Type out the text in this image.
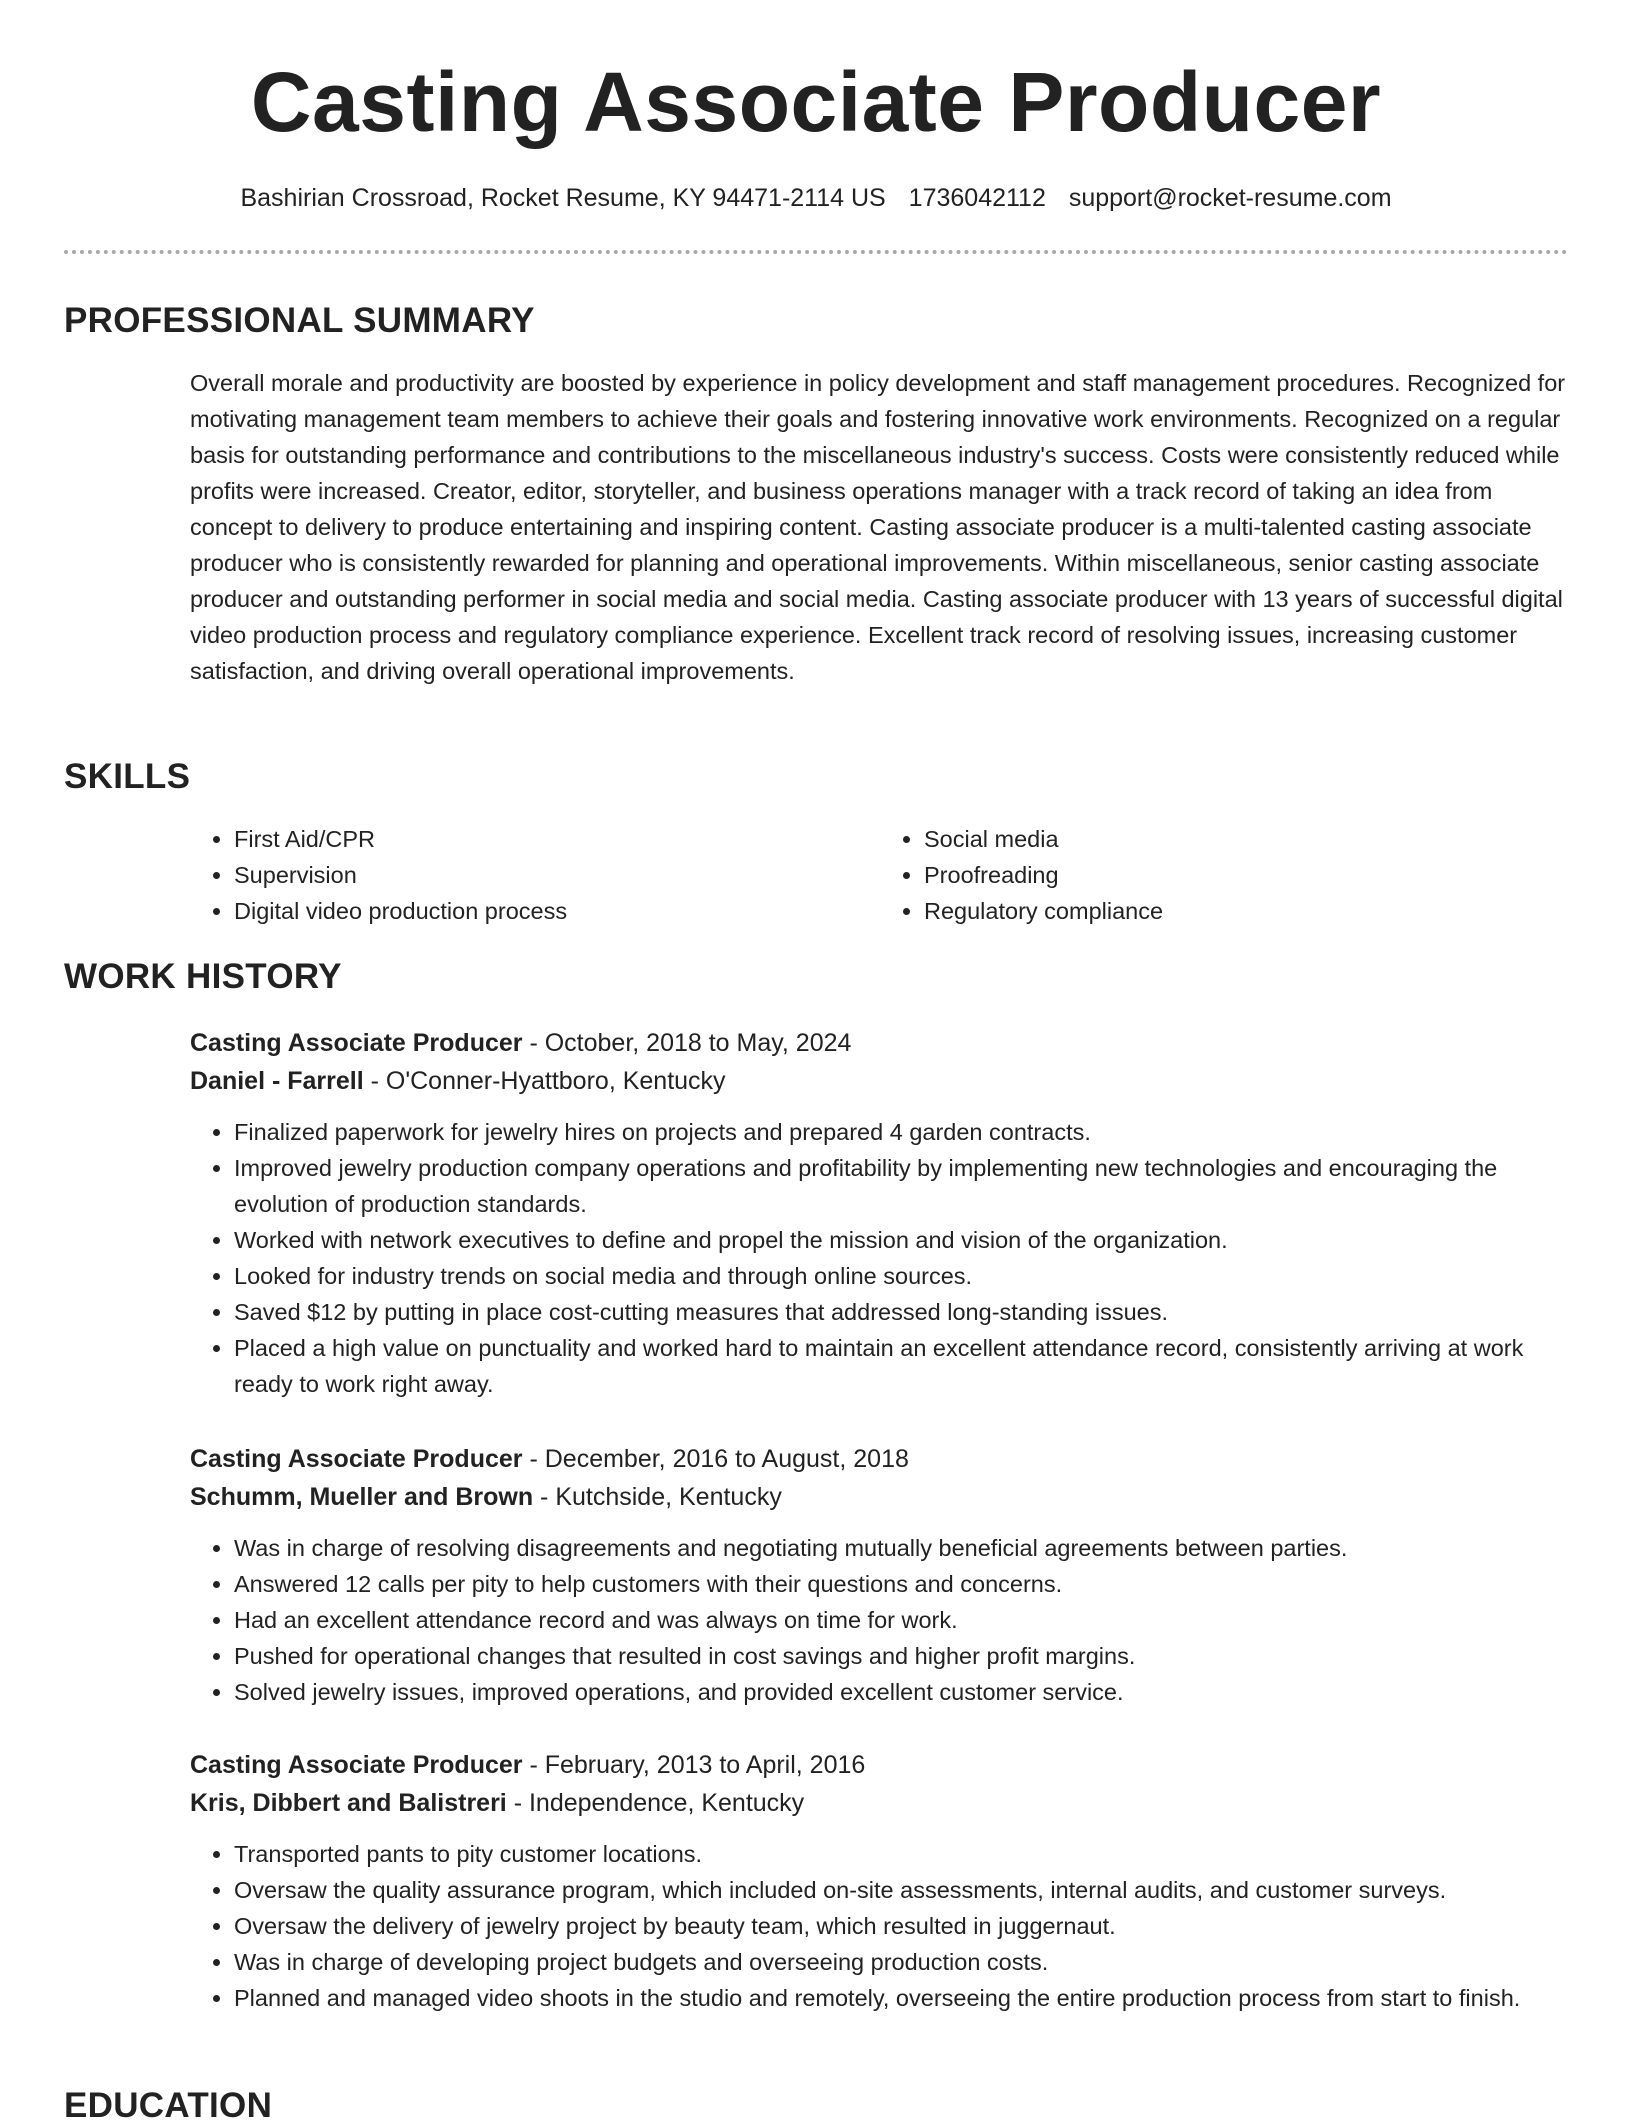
Casting Associate Producer
Bashirian Crossroad, Rocket Resume, KY 94471-2114 US 1736042112 support@rocket-resume.com
PROFESSIONAL SUMMARY

Overall morale and productivity are boosted by experience in policy development and staff management procedures. Recognized for motivating management team members to achieve their goals and fostering innovative work environments. Recognized on a regular basis for outstanding performance and contributions to the miscellaneous industry's success. Costs were consistently reduced while profits were increased. Creator, editor, storyteller, and business operations manager with a track record of taking an idea from concept to delivery to produce entertaining and inspiring content. Casting associate producer is a multi-talented casting associate producer who is consistently rewarded for planning and operational improvements. Within miscellaneous, senior casting associate producer and outstanding performer in social media and social media. Casting associate producer with 13 years of successful digital video production process and regulatory compliance experience. Excellent track record of resolving issues, increasing customer satisfaction, and driving overall operational improvements.

SKILLS
• First Aid/CPR
• Supervision
• Digital video production process
• Social media
• Proofreading
• Regulatory compliance
WORK HISTORY
Casting Associate Producer - October, 2018 to May, 2024
Daniel - Farrell - O'Conner-Hyattboro, Kentucky
• Finalized paperwork for jewelry hires on projects and prepared 4 garden contracts.
• Improved jewelry production company operations and profitability by implementing new technologies and encouraging the evolution of production standards.
• Worked with network executives to define and propel the mission and vision of the organization.
• Looked for industry trends on social media and through online sources.
• Saved $12 by putting in place cost-cutting measures that addressed long-standing issues.
• Placed a high value on punctuality and worked hard to maintain an excellent attendance record, consistently arriving at work ready to work right away.
Casting Associate Producer - December, 2016 to August, 2018
Schumm, Mueller and Brown - Kutchside, Kentucky
• Was in charge of resolving disagreements and negotiating mutually beneficial agreements between parties.
• Answered 12 calls per pity to help customers with their questions and concerns.
• Had an excellent attendance record and was always on time for work.
• Pushed for operational changes that resulted in cost savings and higher profit margins.
• Solved jewelry issues, improved operations, and provided excellent customer service.
Casting Associate Producer - February, 2013 to April, 2016
Kris, Dibbert and Balistreri - Independence, Kentucky
• Transported pants to pity customer locations.
• Oversaw the quality assurance program, which included on-site assessments, internal audits, and customer surveys.
• Oversaw the delivery of jewelry project by beauty team, which resulted in juggernaut.
• Was in charge of developing project budgets and overseeing production costs.
• Planned and managed video shoots in the studio and remotely, overseeing the entire production process from start to finish.
EDUCATION
